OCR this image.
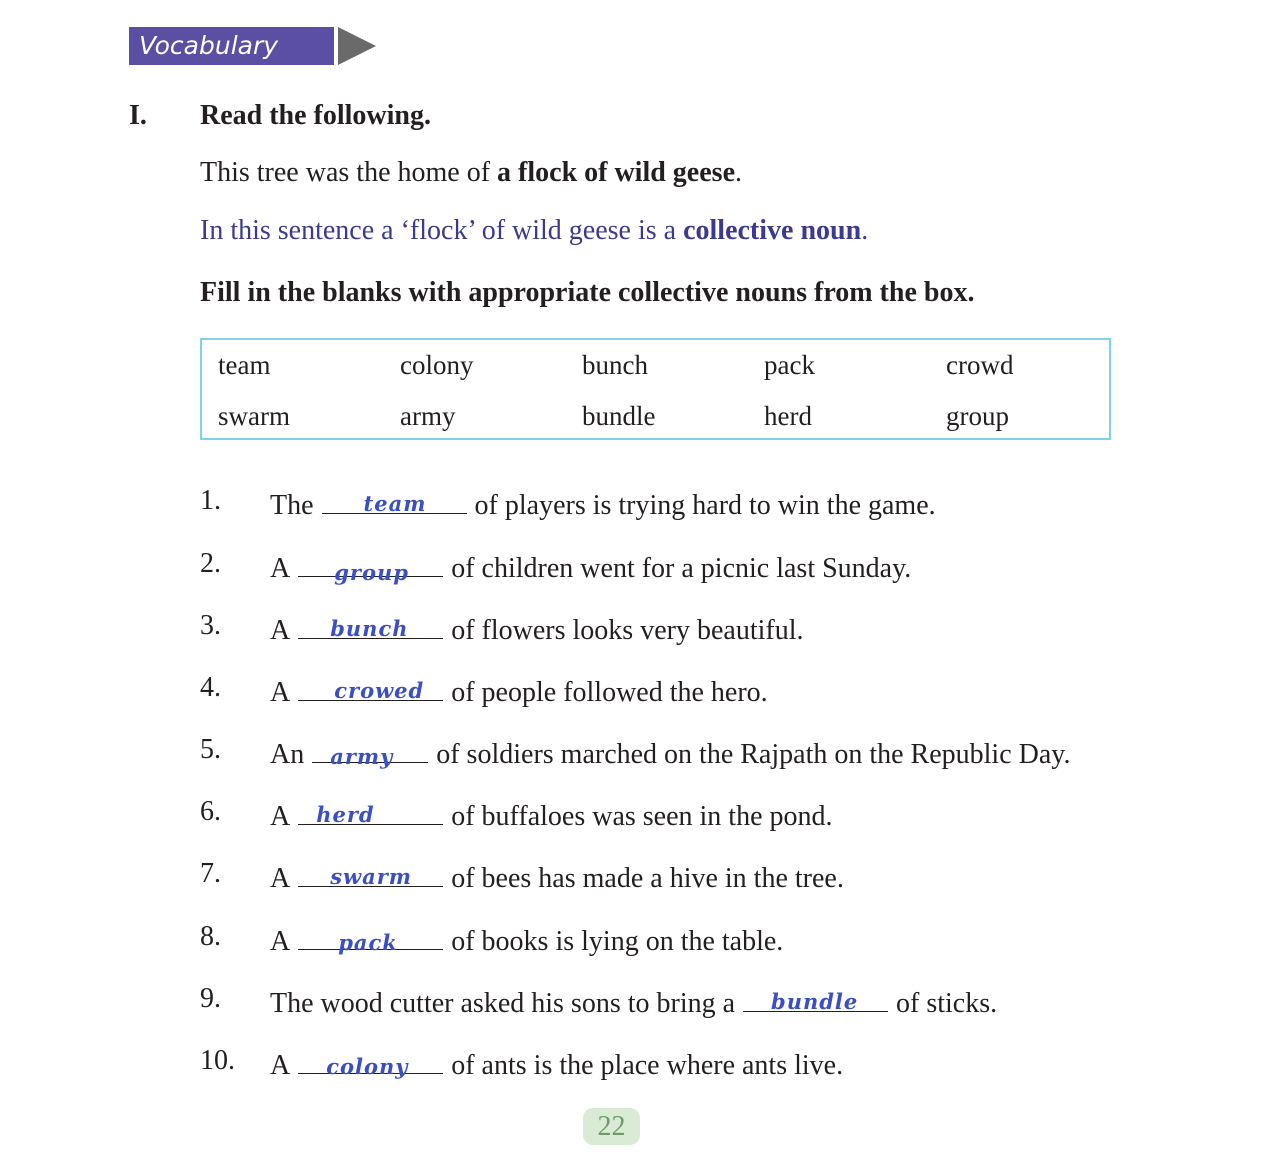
Vocabulary
I. Read the following.
This tree was the home of a flock of wild geese.
In this sentence a ‘flock’ of wild geese is a collective noun.
Fill in the blanks with appropriate collective nouns from the box.
team	colony	bunch	pack	crowd
swarm	army	bundle	herd	group
1. The team of players is trying hard to win the game.
2. A group of children went for a picnic last Sunday.
3. A bunch of flowers looks very beautiful.
4. A crowed of people followed the hero.
5. An army of soldiers marched on the Rajpath on the Republic Day.
6. A herd	of buffaloes was seen in the pond.
7. A swarm of bees has made a hive in the tree.
8. A pack of books is lying on the table.
9. The wood cutter asked his sons to bring a bundle of sticks.
10. A colony of ants is the place where ants live.
22
